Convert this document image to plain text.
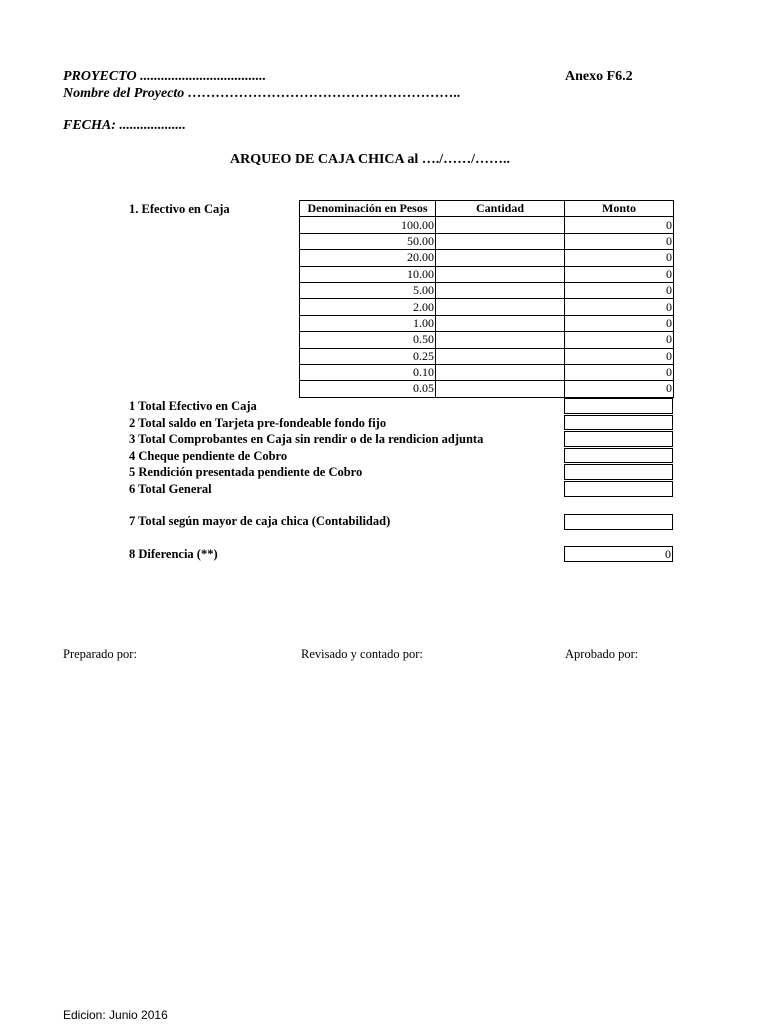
PROYECTO ....................................
Nombre del Proyecto …………………………………………………..
FECHA: ...................
Anexo F6.2
ARQUEO DE CAJA CHICA al …./……/……..
1. Efectivo en Caja	Denominación en Pesos	Cantidad	Monto
100.00		0
50.00		0
20.00		0
10.00		0
5.00		0
2.00		0
1.00		0
0.50		0
0.25		0
0.10		0
0.05		0
1 Total Efectivo en Caja
2 Total saldo en Tarjeta pre-fondeable fondo fijo
3 Total Comprobantes en Caja sin rendir o de la rendicion adjunta
4 Cheque pendiente de Cobro
5 Rendición presentada pendiente de Cobro
6 Total General
7 Total según mayor de caja chica (Contabilidad)
8 Diferencia (**)	0
Preparado por:	Revisado y contado por:	Aprobado por:
Edicion: Junio 2016
